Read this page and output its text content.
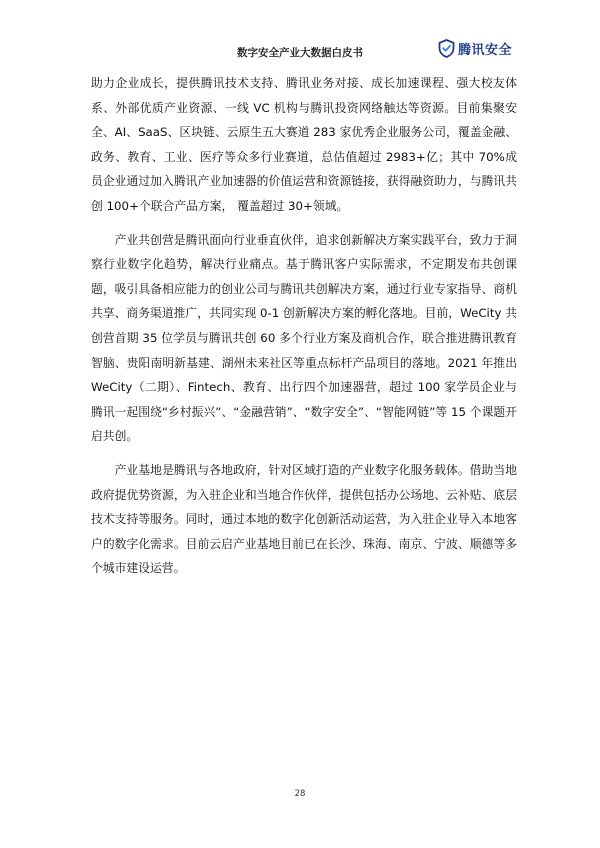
数字安全产业大数据白皮书	腾讯安全

助力企业成长，提供腾讯技术支持、腾讯业务对接、成长加速课程、强大校友体系、外部优质产业资源、一线 VC 机构与腾讯投资网络触达等资源。目前集聚安全、AI、SaaS、区块链、云原生五大赛道 283 家优秀企业服务公司，覆盖金融、政务、教育、工业、医疗等众多行业赛道，总估值超过 2983+亿；其中 70%成员企业通过加入腾讯产业加速器的价值运营和资源链接，获得融资助力，与腾讯共创 100+个联合产品方案， 覆盖超过 30+领域。

产业共创营是腾讯面向行业垂直伙伴，追求创新解决方案实践平台，致力于洞察行业数字化趋势，解决行业痛点。基于腾讯客户实际需求，不定期发布共创课题，吸引具备相应能力的创业公司与腾讯共创解决方案，通过行业专家指导、商机共享、商务渠道推广，共同实现 0-1 创新解决方案的孵化落地。目前，WeCity 共创营首期 35 位学员与腾讯共创 60 多个行业方案及商机合作，联合推进腾讯教育智脑、贵阳南明新基建、湖州未来社区等重点标杆产品项目的落地。2021 年推出 WeCity（二期）、Fintech、教育、出行四个加速器营，超过 100 家学员企业与腾讯一起围绕“乡村振兴”、“金融营销”、“数字安全”、“智能网链”等 15 个课题开启共创。

产业基地是腾讯与各地政府，针对区域打造的产业数字化服务载体。借助当地政府提优势资源，为入驻企业和当地合作伙伴，提供包括办公场地、云补贴、底层技术支持等服务。同时，通过本地的数字化创新活动运营，为入驻企业导入本地客户的数字化需求。目前云启产业基地目前已在长沙、珠海、南京、宁波、顺德等多个城市建设运营。

28
